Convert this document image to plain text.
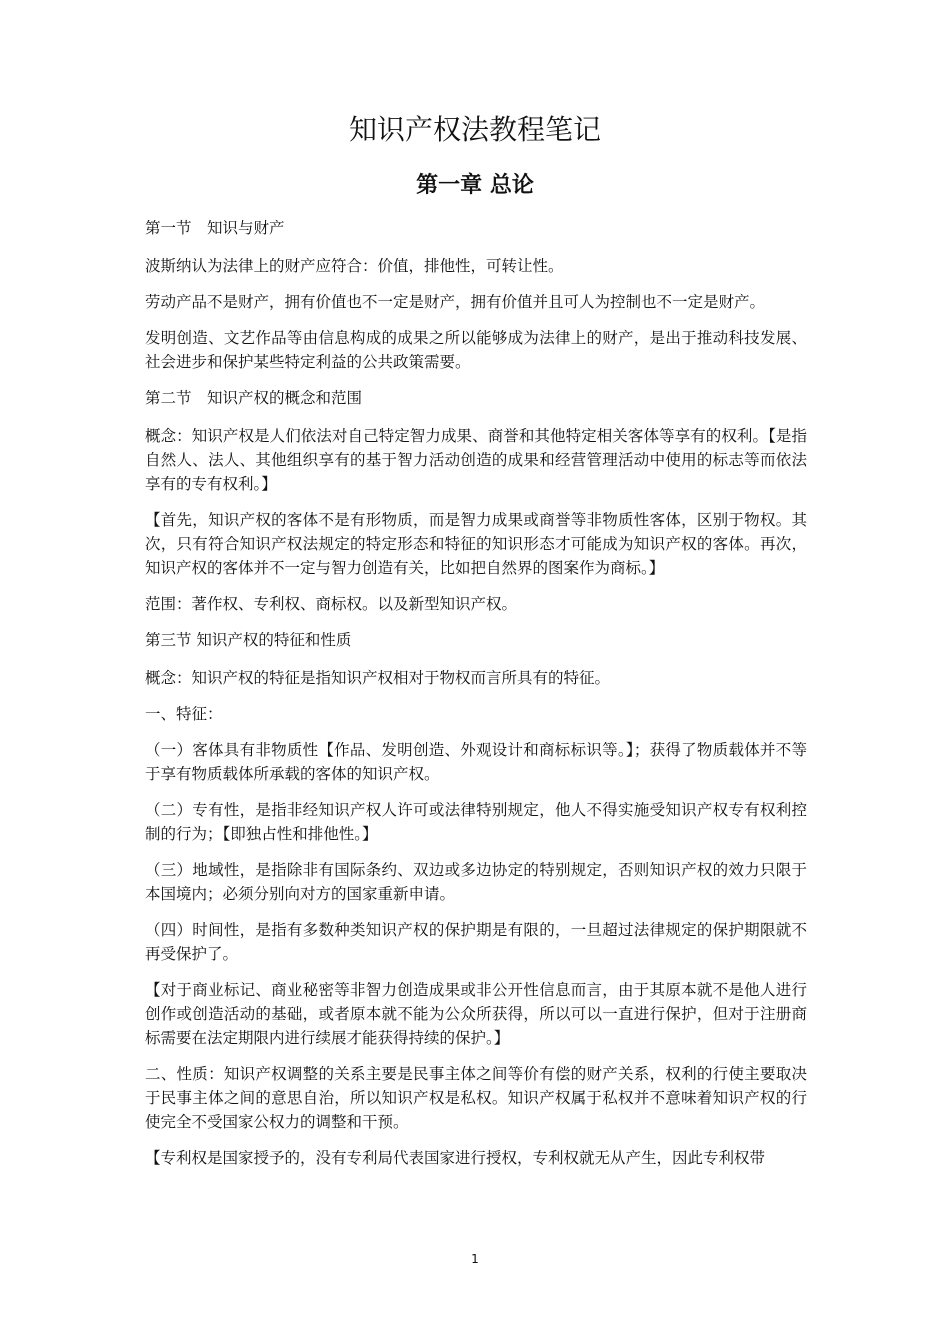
知识产权法教程笔记
第一章 总论

第一节　知识与财产

波斯纳认为法律上的财产应符合：价值，排他性，可转让性。

劳动产品不是财产，拥有价值也不一定是财产，拥有价值并且可人为控制也不一定是财产。

发明创造、文艺作品等由信息构成的成果之所以能够成为法律上的财产，是出于推动科技发展、社会进步和保护某些特定利益的公共政策需要。

第二节　知识产权的概念和范围

概念：知识产权是人们依法对自己特定智力成果、商誉和其他特定相关客体等享有的权利。【是指自然人、法人、其他组织享有的基于智力活动创造的成果和经营管理活动中使用的标志等而依法享有的专有权利。】

【首先，知识产权的客体不是有形物质，而是智力成果或商誉等非物质性客体，区别于物权。其次，只有符合知识产权法规定的特定形态和特征的知识形态才可能成为知识产权的客体。再次，知识产权的客体并不一定与智力创造有关，比如把自然界的图案作为商标。】

范围：著作权、专利权、商标权。以及新型知识产权。

第三节 知识产权的特征和性质

概念：知识产权的特征是指知识产权相对于物权而言所具有的特征。

一、特征：

（一）客体具有非物质性【作品、发明创造、外观设计和商标标识等。】；获得了物质载体并不等于享有物质载体所承载的客体的知识产权。

（二）专有性，是指非经知识产权人许可或法律特别规定，他人不得实施受知识产权专有权利控制的行为；【即独占性和排他性。】

（三）地域性，是指除非有国际条约、双边或多边协定的特别规定，否则知识产权的效力只限于本国境内；必须分别向对方的国家重新申请。

（四）时间性，是指有多数种类知识产权的保护期是有限的，一旦超过法律规定的保护期限就不再受保护了。

【对于商业标记、商业秘密等非智力创造成果或非公开性信息而言，由于其原本就不是他人进行创作或创造活动的基础，或者原本就不能为公众所获得，所以可以一直进行保护，但对于注册商标需要在法定期限内进行续展才能获得持续的保护。】

二、性质：知识产权调整的关系主要是民事主体之间等价有偿的财产关系，权利的行使主要取决于民事主体之间的意思自治，所以知识产权是私权。知识产权属于私权并不意味着知识产权的行使完全不受国家公权力的调整和干预。

【专利权是国家授予的，没有专利局代表国家进行授权，专利权就无从产生，因此专利权带

1
